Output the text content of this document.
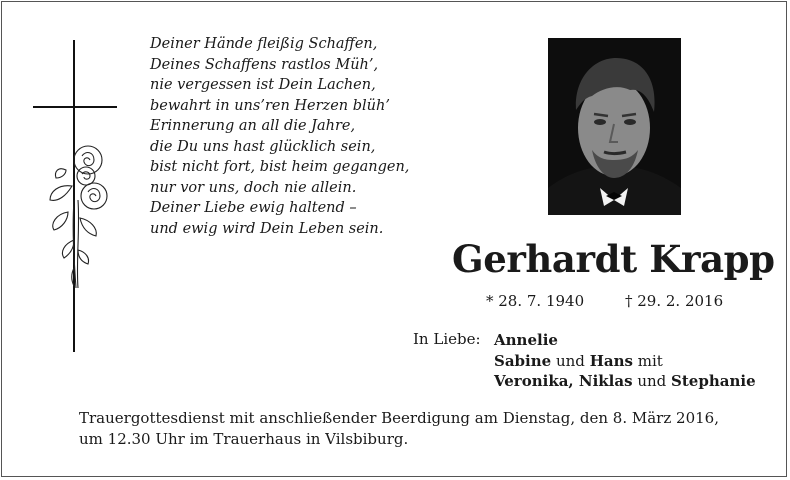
Deiner Hände fleißig Schaffen,
Deines Schaffens rastlos Müh’,
nie vergessen ist Dein Lachen,
bewahrt in uns’ren Herzen blüh’
Erinnerung an all die Jahre,
die Du uns hast glücklich sein,
bist nicht fort, bist heim gegangen,
nur vor uns, doch nie allein.
Deiner Liebe ewig haltend –
und ewig wird Dein Leben sein.
Gerhardt Krapp
* 28. 7. 1940	† 29. 2. 2016
In Liebe: Annelie
Sabine und Hans mit
Veronika, Niklas und Stephanie
Trauergottesdienst mit anschließender Beerdigung am Dienstag, den 8. März 2016,
um 12.30 Uhr im Trauerhaus in Vilsbiburg.
